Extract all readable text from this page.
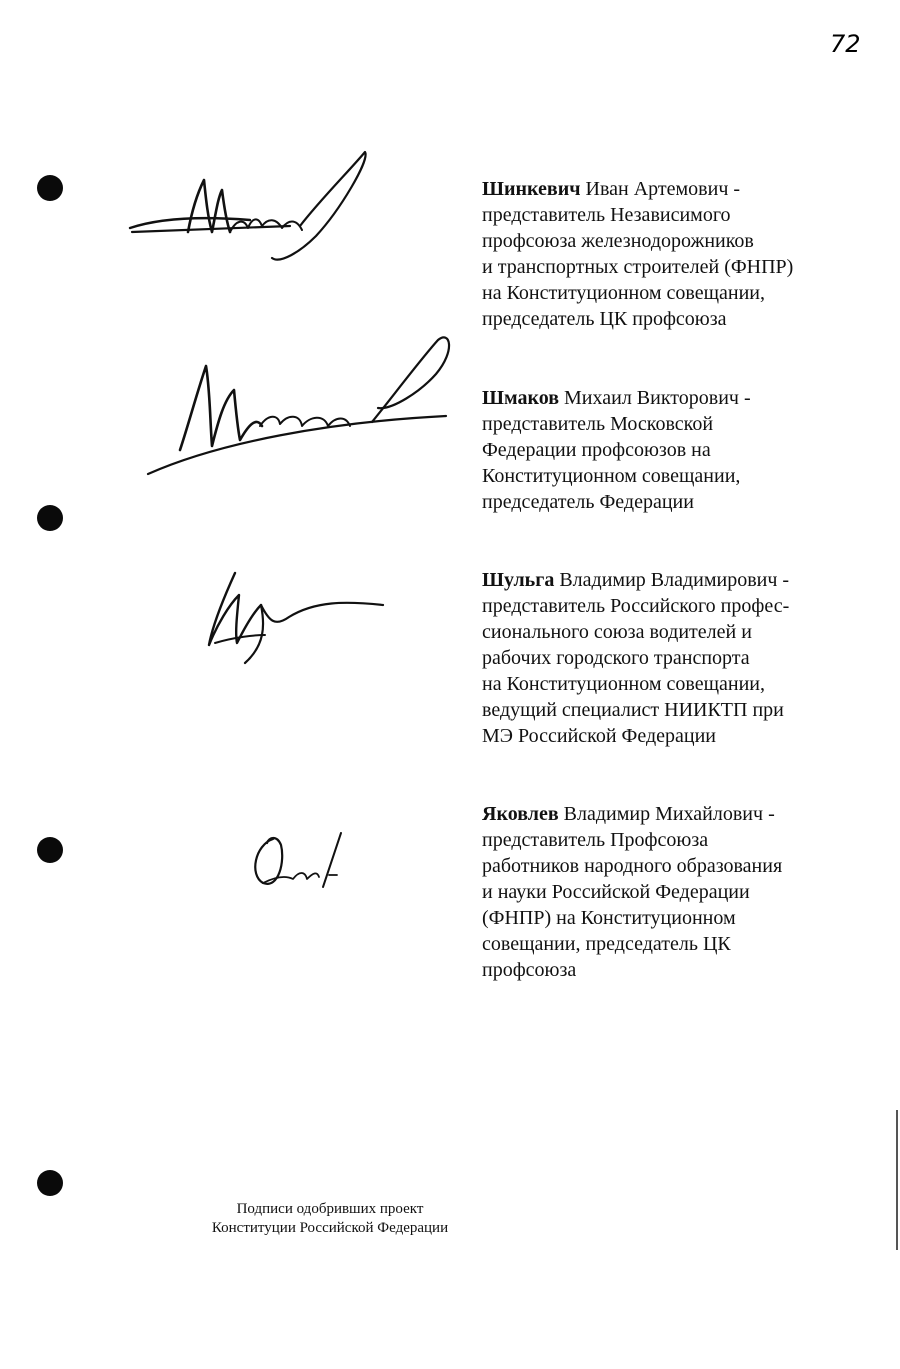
72
Шинкевич Иван Артемович -
представитель Независимого
профсоюза железнодорожников
и транспортных строителей (ФНПР)
на Конституционном совещании,
председатель ЦК профсоюза
Шмаков Михаил Викторович -
представитель Московской
Федерации профсоюзов на
Конституционном совещании,
председатель Федерации
Шульга Владимир Владимирович -
представитель Российского профес-
сионального союза водителей и
рабочих городского транспорта
на Конституционном совещании,
ведущий специалист НИИКТП при
МЭ Российской Федерации
Яковлев Владимир Михайлович -
представитель Профсоюза
работников народного образования
и науки Российской Федерации
(ФНПР) на Конституционном
совещании, председатель ЦК
профсоюза
Подписи одобривших проект
Конституции Российской Федерации
